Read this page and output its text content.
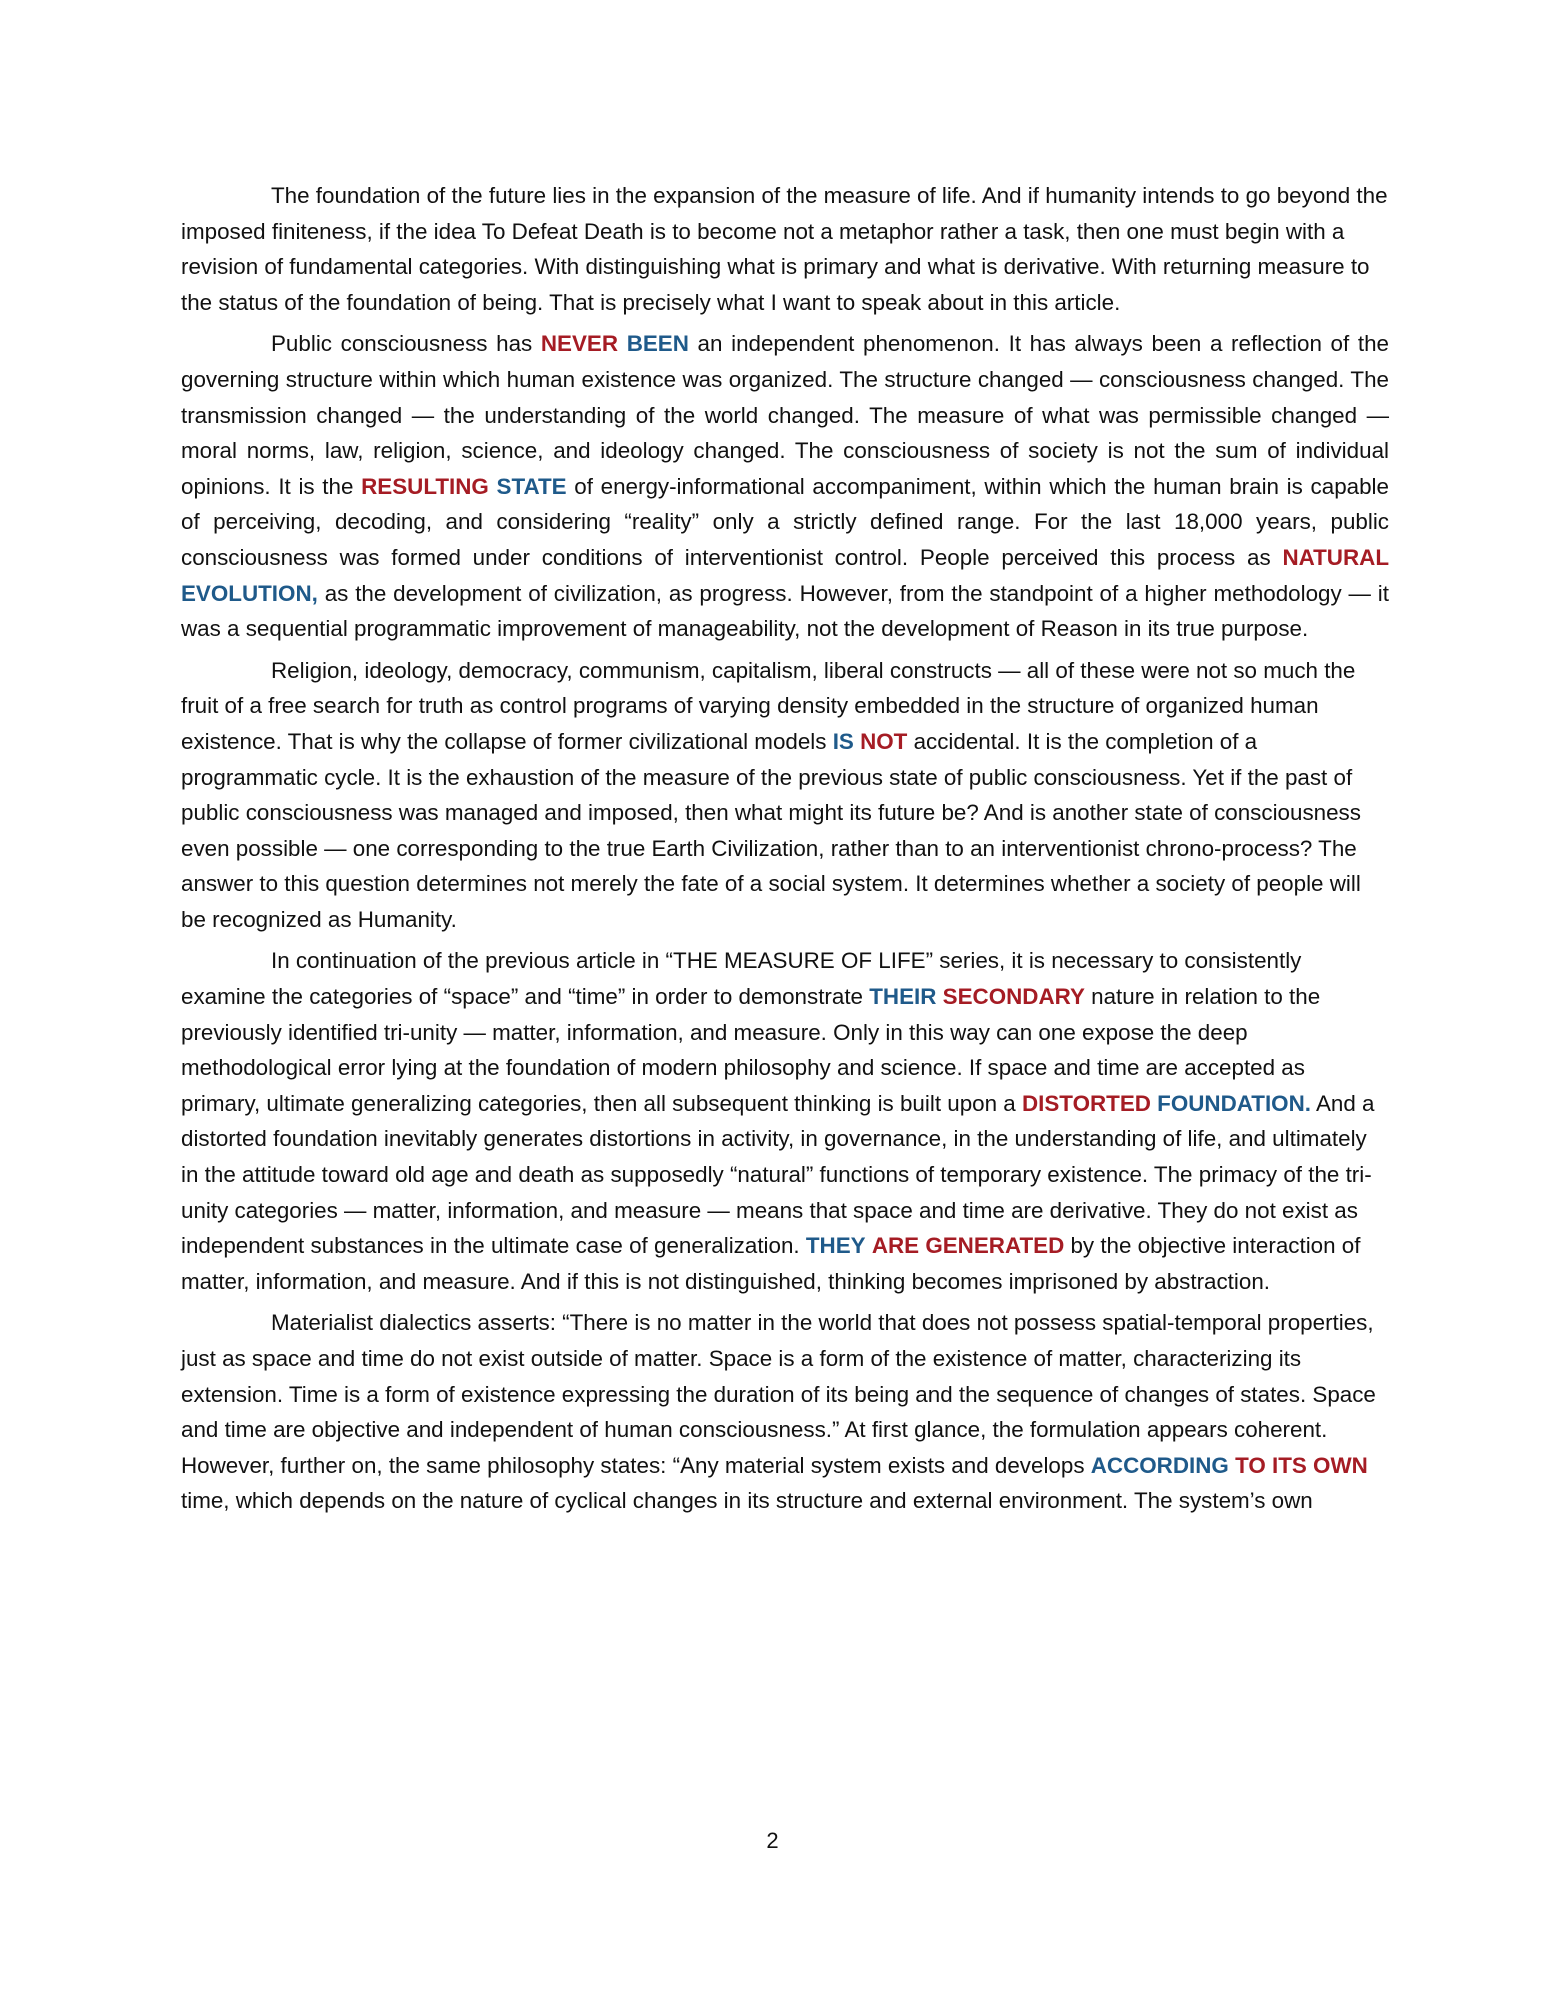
The foundation of the future lies in the expansion of the measure of life. And if humanity intends to go beyond the imposed finiteness, if the idea To Defeat Death is to become not a metaphor rather a task, then one must begin with a revision of fundamental categories. With distinguishing what is primary and what is derivative. With returning measure to the status of the foundation of being. That is precisely what I want to speak about in this article.

Public consciousness has NEVER BEEN an independent phenomenon. It has always been a reflection of the governing structure within which human existence was organized. The structure changed — consciousness changed. The transmission changed — the understanding of the world changed. The measure of what was permissible changed — moral norms, law, religion, science, and ideology changed. The consciousness of society is not the sum of individual opinions. It is the RESULTING STATE of energy-informational accompaniment, within which the human brain is capable of perceiving, decoding, and considering “reality” only a strictly defined range. For the last 18,000 years, public consciousness was formed under conditions of interventionist control. People perceived this process as NATURAL EVOLUTION, as the development of civilization, as progress. However, from the standpoint of a higher methodology — it was a sequential programmatic improvement of manageability, not the development of Reason in its true purpose.

Religion, ideology, democracy, communism, capitalism, liberal constructs — all of these were not so much the fruit of a free search for truth as control programs of varying density embedded in the structure of organized human existence. That is why the collapse of former civilizational models IS NOT accidental. It is the completion of a programmatic cycle. It is the exhaustion of the measure of the previous state of public consciousness. Yet if the past of public consciousness was managed and imposed, then what might its future be? And is another state of consciousness even possible — one corresponding to the true Earth Civilization, rather than to an interventionist chrono-process? The answer to this question determines not merely the fate of a social system. It determines whether a society of people will be recognized as Humanity.

In continuation of the previous article in “THE MEASURE OF LIFE” series, it is necessary to consistently examine the categories of “space” and “time” in order to demonstrate THEIR SECONDARY nature in relation to the previously identified tri-unity — matter, information, and measure. Only in this way can one expose the deep methodological error lying at the foundation of modern philosophy and science. If space and time are accepted as primary, ultimate generalizing categories, then all subsequent thinking is built upon a DISTORTED FOUNDATION. And a distorted foundation inevitably generates distortions in activity, in governance, in the understanding of life, and ultimately in the attitude toward old age and death as supposedly “natural” functions of temporary existence. The primacy of the tri-unity categories — matter, information, and measure — means that space and time are derivative. They do not exist as independent substances in the ultimate case of generalization. THEY ARE GENERATED by the objective interaction of matter, information, and measure. And if this is not distinguished, thinking becomes imprisoned by abstraction.

Materialist dialectics asserts: “There is no matter in the world that does not possess spatial-temporal properties, just as space and time do not exist outside of matter. Space is a form of the existence of matter, characterizing its extension. Time is a form of existence expressing the duration of its being and the sequence of changes of states. Space and time are objective and independent of human consciousness.” At first glance, the formulation appears coherent. However, further on, the same philosophy states: “Any material system exists and develops ACCORDING TO ITS OWN time, which depends on the nature of cyclical changes in its structure and external environment. The system’s own

2
